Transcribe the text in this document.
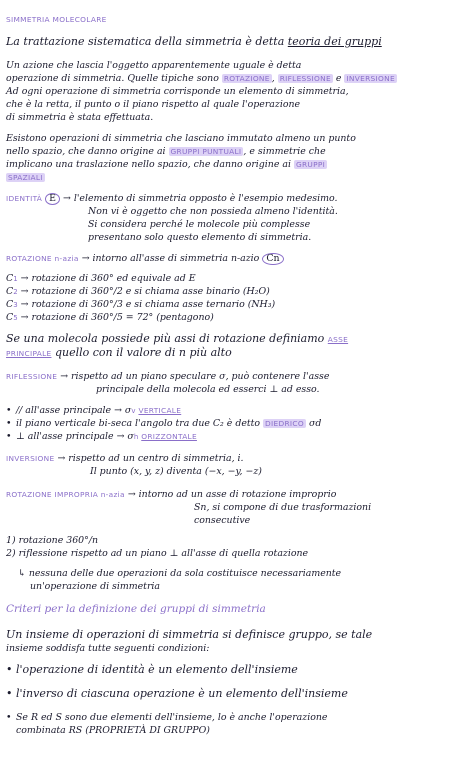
SIMMETRIA MOLECOLARE
La trattazione sistematica della simmetria è detta teoria dei gruppi
Un azione che lascia l'oggetto apparentemente uguale è detta
operazione di simmetria. Quelle tipiche sono ROTAZIONE , RIFLESSIONE e INVERSIONE
Ad ogni operazione di simmetria corrisponde un elemento di simmetria,
che è la retta, il punto o il piano rispetto al quale l'operazione
di simmetria è stata effettuata.
Esistono operazioni di simmetria che lasciano immutato almeno un punto
nello spazio, che danno origine ai GRUPPI PUNTUALI , e simmetrie che
implicano una traslazione nello spazio, che danno origine ai GRUPPI
SPAZIALI
IDENTITÀ E → l'elemento di simmetria opposto è l'esempio medesimo.
Non vi è oggetto che non possieda almeno l'identità.
Si considera perché le molecole più complesse
presentano solo questo elemento di simmetria.
ROTAZIONE n-azia → intorno all'asse di simmetria n-azio Cn
C1 → rotazione di 360° ed equivale ad E
C2 → rotazione di 360°/2 e si chiama asse binario (H₂O)
C3 → rotazione di 360°/3 e si chiama asse ternario (NH₃)
C5 → rotazione di 360°/5 = 72° (pentagono)
Se una molecola possiede più assi di rotazione definiamo ASSE
PRINCIPALE quello con il valore di n più alto
RIFLESSIONE → rispetto ad un piano speculare σ, può contenere l'asse
principale della molecola ed esserci ⊥ ad esso.
• // all'asse principale → σv VERTICALE
• il piano verticale bi-seca l'angolo tra due C₂ è detto DIEDRICO σd
• ⊥ all'asse principale → σh ORIZZONTALE
INVERSIONE → rispetto ad un centro di simmetria, i.
Il punto (x, y, z) diventa (−x, −y, −z)
ROTAZIONE IMPROPRIA n-azia → intorno ad un asse di rotazione improprio
Sn, si compone di due trasformazioni
consecutive
1) rotazione 360°/n
2) riflessione rispetto ad un piano ⊥ all'asse di quella rotazione
↳ nessuna delle due operazioni da sola costituisce necessariamente
un'operazione di simmetria
Criteri per la definizione dei gruppi di simmetria
Un insieme di operazioni di simmetria si definisce gruppo, se tale
insieme soddisfa tutte seguenti condizioni:
• l'operazione di identità è un elemento dell'insieme
• l'inverso di ciascuna operazione è un elemento dell'insieme
• Se R ed S sono due elementi dell'insieme, lo è anche l'operazione
combinata RS (PROPRIETÀ DI GRUPPO)
